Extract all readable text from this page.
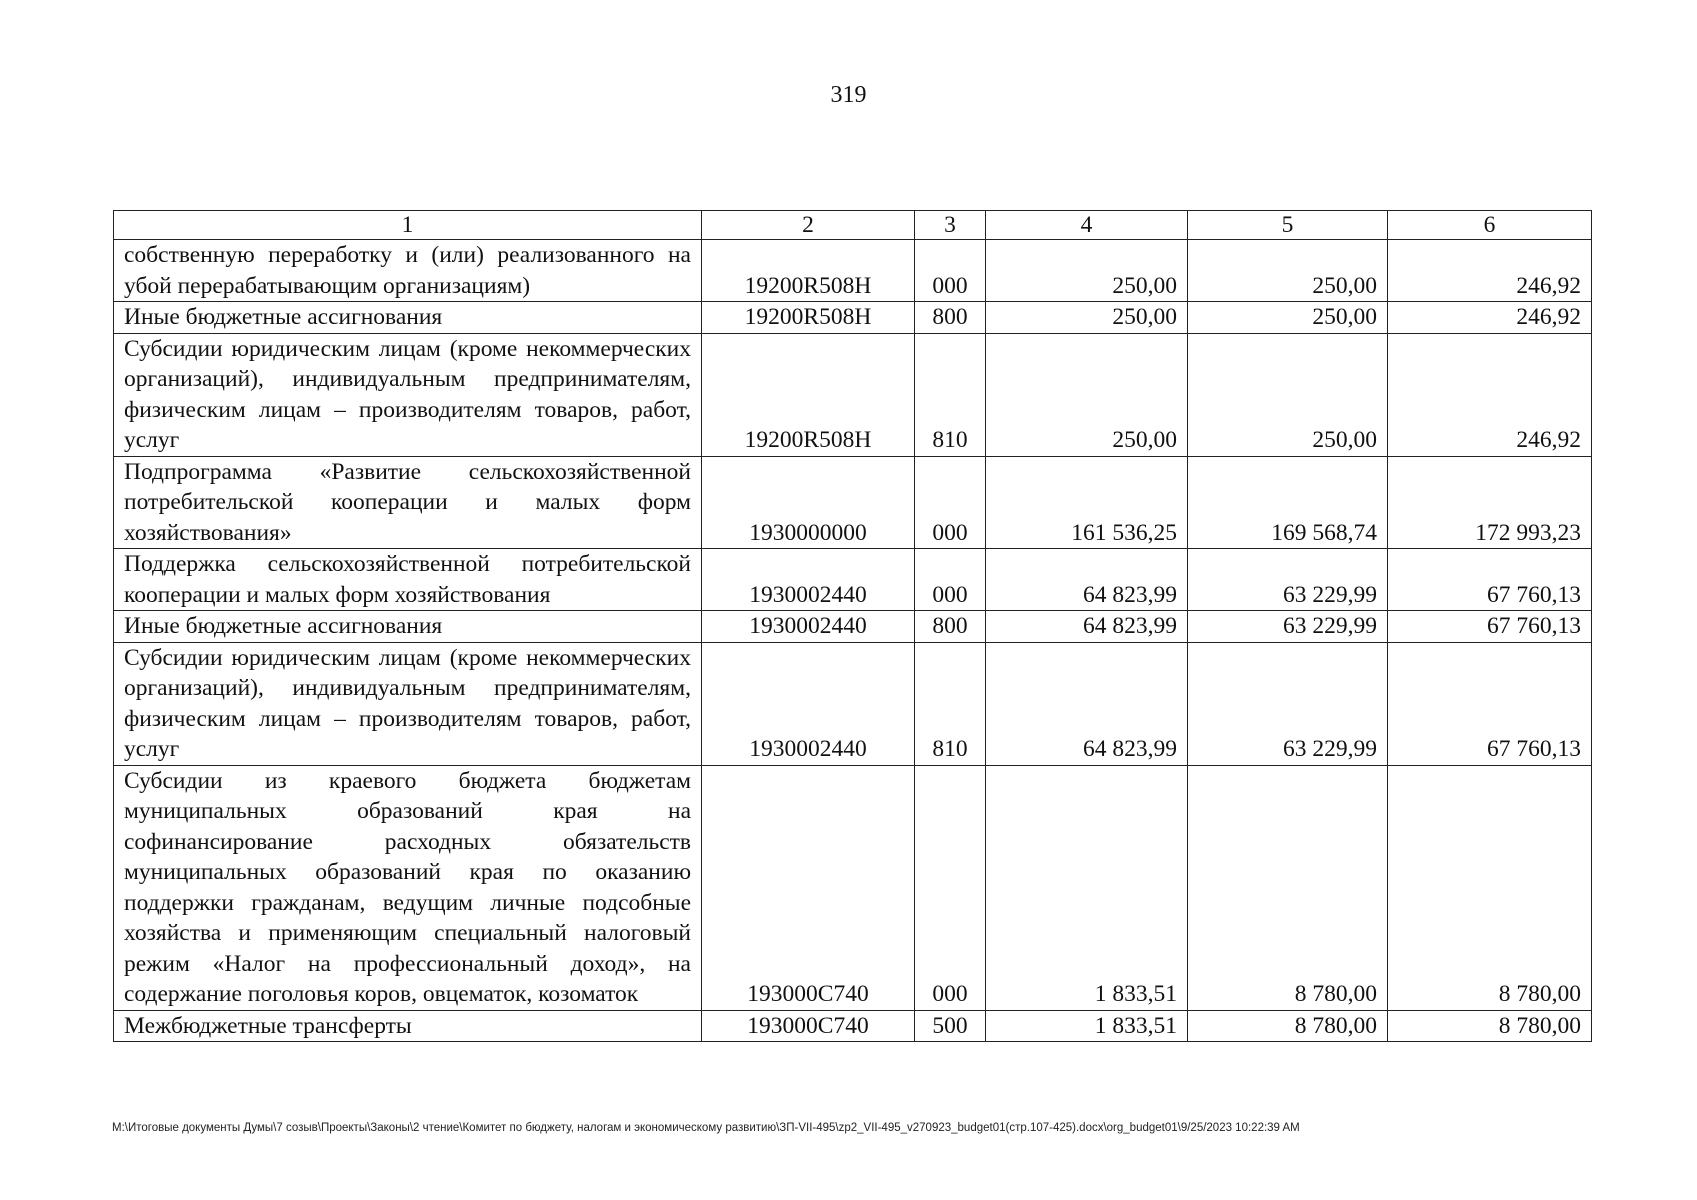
319
1	2	3	4	5	6
собственную переработку и (или) реализованного на убой перерабатывающим организациям)	19200R508H	000	250,00	250,00	246,92
Иные бюджетные ассигнования	19200R508H	800	250,00	250,00	246,92
Субсидии юридическим лицам (кроме некоммерческих организаций), индивидуальным предпринимателям, физическим лицам – производителям товаров, работ, услуг	19200R508H	810	250,00	250,00	246,92
Подпрограмма «Развитие сельскохозяйственной потребительской кооперации и малых форм хозяйствования»	1930000000	000	161 536,25	169 568,74	172 993,23
Поддержка сельскохозяйственной потребительской кооперации и малых форм хозяйствования	1930002440	000	64 823,99	63 229,99	67 760,13
Иные бюджетные ассигнования	1930002440	800	64 823,99	63 229,99	67 760,13
Субсидии юридическим лицам (кроме некоммерческих организаций), индивидуальным предпринимателям, физическим лицам – производителям товаров, работ, услуг	1930002440	810	64 823,99	63 229,99	67 760,13
Субсидии из краевого бюджета бюджетам муниципальных образований края на софинансирование расходных обязательств муниципальных образований края по оказанию поддержки гражданам, ведущим личные подсобные хозяйства и применяющим специальный налоговый режим «Налог на профессиональный доход», на содержание поголовья коров, овцематок, козоматок	193000С740	000	1 833,51	8 780,00	8 780,00
Межбюджетные трансферты	193000С740	500	1 833,51	8 780,00	8 780,00
M:\Итоговые документы Думы\7 созыв\Проекты\Законы\2 чтение\Комитет по бюджету, налогам и экономическому развитию\ЗП-VII-495\zp2_VII-495_v270923_budget01(стр.107-425).docx\org_budget01\9/25/2023 10:22:39 AM
